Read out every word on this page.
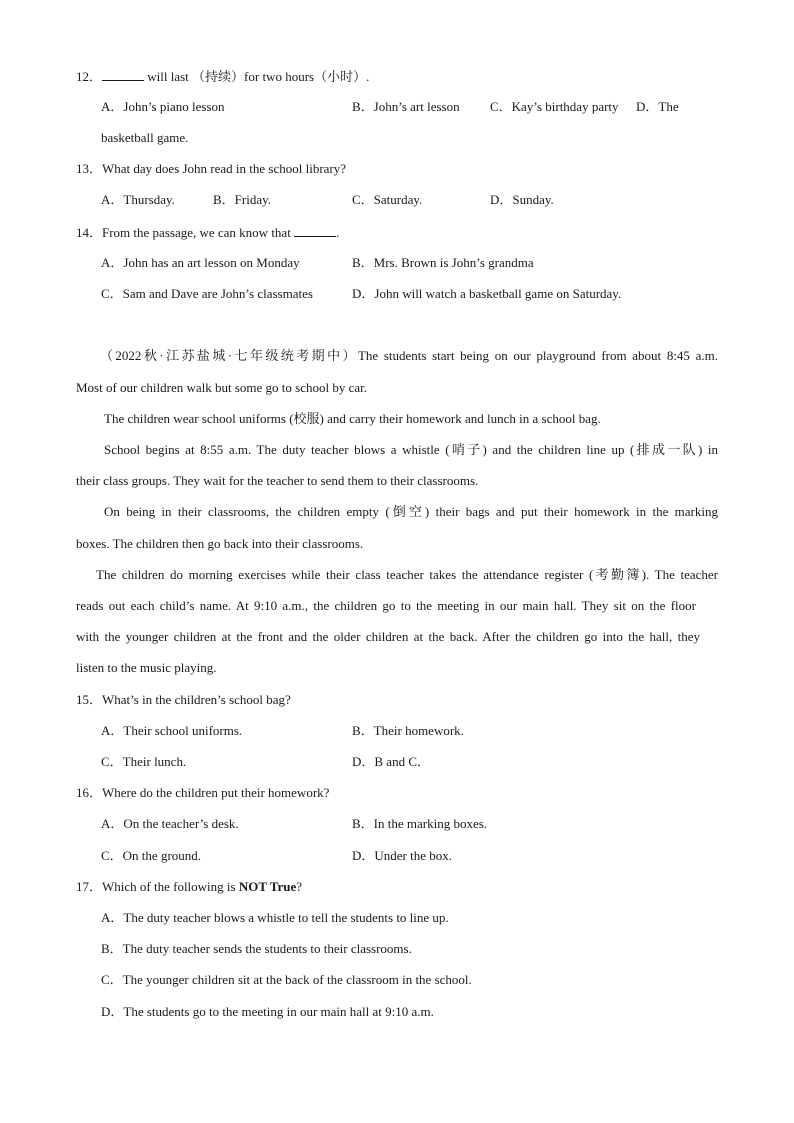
12．	will last （持续）for two hours（小时）.
A．John’s piano lesson	B．John’s art lesson C．Kay’s birthday party D．The
basketball game.
13．What day does John read in the school library?
A．Thursday.	B．Friday.	C．Saturday.	D．Sunday.
14．From the passage, we can know that	.
A．John has an art lesson on Monday	B．Mrs. Brown is John’s grandma
C．Sam and Dave are John’s classmates	D．John will watch a basketball game on Saturday.
（2022秋·江苏盐城·七年级统考期中）The students start being on our playground from about 8:45 a.m.
Most of our children walk but some go to school by car.
The children wear school uniforms (校服) and carry their homework and lunch in a school bag.
School begins at 8:55 a.m. The duty teacher blows a whistle (哨子) and the children line up (排成一队) in
their class groups. They wait for the teacher to send them to their classrooms.
On being in their classrooms, the children empty (倒空) their bags and put their homework in the marking
boxes. The children then go back into their classrooms.
The children do morning exercises while their class teacher takes the attendance register (考勤簿). The teacher
reads out each child’s name. At 9:10 a.m., the children go to the meeting in our main hall. They sit on the floor
with the younger children at the front and the older children at the back. After the children go into the hall, they
listen to the music playing.
15．What’s in the children’s school bag?
A．Their school uniforms.	B．Their homework.
C．Their lunch.	D．B and C．
16．Where do the children put their homework?
A．On the teacher’s desk.	B．In the marking boxes.
C．On the ground.	D．Under the box.
17．Which of the following is NOT True?
A．The duty teacher blows a whistle to tell the students to line up.
B．The duty teacher sends the students to their classrooms.
C．The younger children sit at the back of the classroom in the school.
D．The students go to the meeting in our main hall at 9:10 a.m.
